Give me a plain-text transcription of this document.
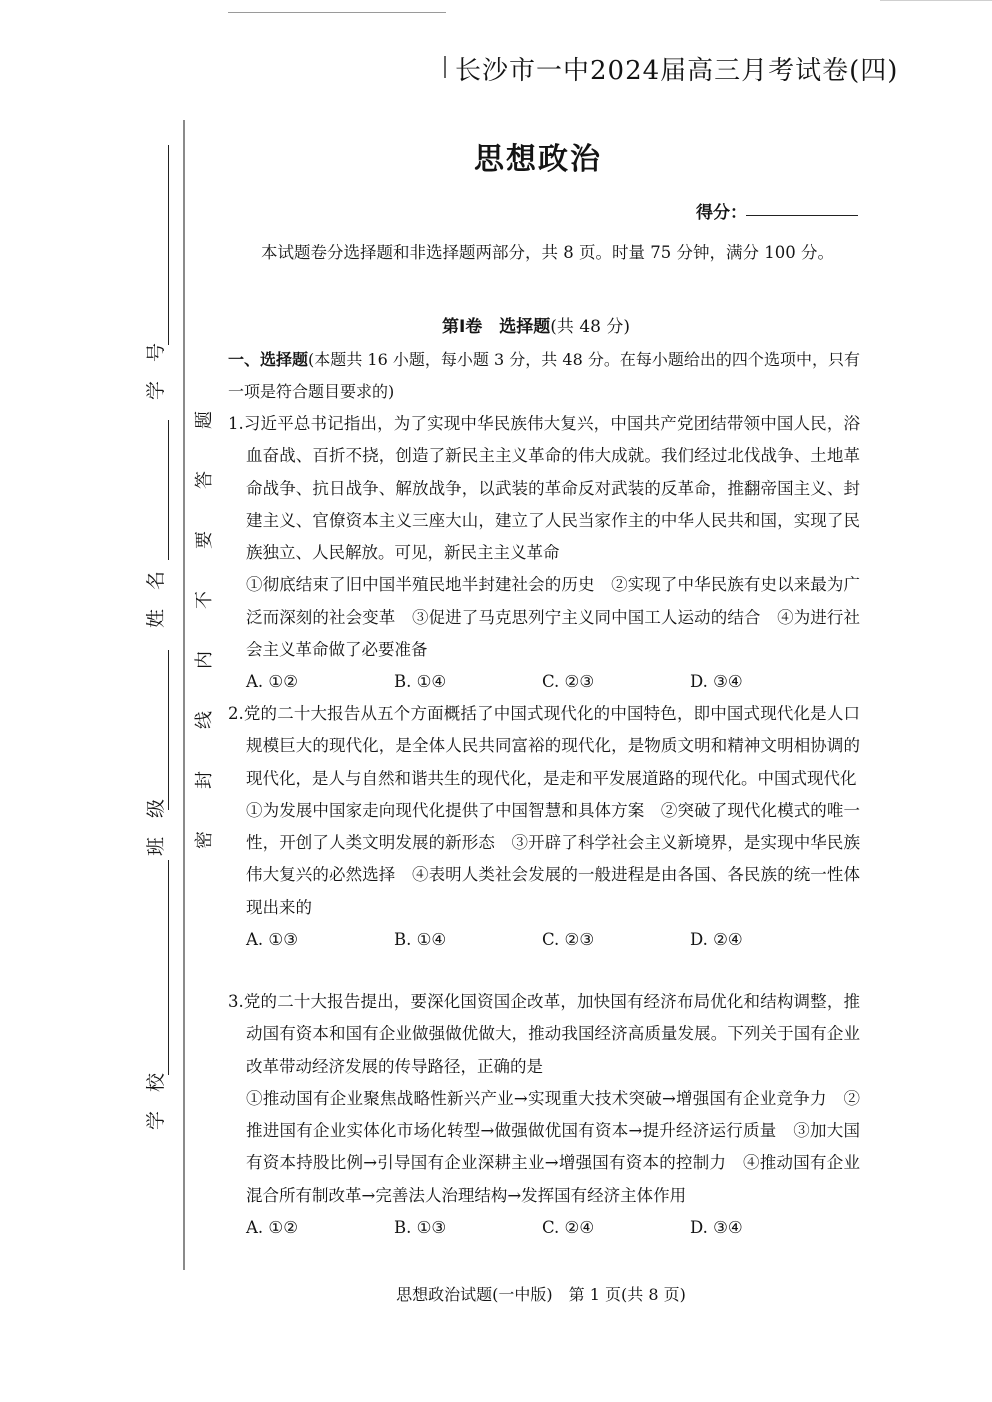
学　号
姓　名
班　级
学　校
密　封　线　内　不　要　答　题
长沙市一中2024届高三月考试卷(四)
思想政治
得分：
本试题卷分选择题和非选择题两部分，共 8 页。时量 75 分钟，满分 100 分。
第Ⅰ卷　选择题(共 48 分)
一、选择题(本题共 16 小题，每小题 3 分，共 48 分。在每小题给出的四个选项中，只有一项是符合题目要求的)
1.习近平总书记指出，为了实现中华民族伟大复兴，中国共产党团结带领中国人民，浴血奋战、百折不挠，创造了新民主主义革命的伟大成就。我们经过北伐战争、土地革命战争、抗日战争、解放战争，以武装的革命反对武装的反革命，推翻帝国主义、封建主义、官僚资本主义三座大山，建立了人民当家作主的中华人民共和国，实现了民族独立、人民解放。可见，新民主主义革命
①彻底结束了旧中国半殖民地半封建社会的历史　②实现了中华民族有史以来最为广泛而深刻的社会变革　③促进了马克思列宁主义同中国工人运动的结合　④为进行社会主义革命做了必要准备
A. ①②	B. ①④	C. ②③	D. ③④
2.党的二十大报告从五个方面概括了中国式现代化的中国特色，即中国式现代化是人口规模巨大的现代化，是全体人民共同富裕的现代化，是物质文明和精神文明相协调的现代化，是人与自然和谐共生的现代化，是走和平发展道路的现代化。中国式现代化
①为发展中国家走向现代化提供了中国智慧和具体方案　②突破了现代化模式的唯一性，开创了人类文明发展的新形态　③开辟了科学社会主义新境界，是实现中华民族伟大复兴的必然选择　④表明人类社会发展的一般进程是由各国、各民族的统一性体现出来的
A. ①③	B. ①④	C. ②③	D. ②④
3.党的二十大报告提出，要深化国资国企改革，加快国有经济布局优化和结构调整，推动国有资本和国有企业做强做优做大，推动我国经济高质量发展。下列关于国有企业改革带动经济发展的传导路径，正确的是
①推动国有企业聚焦战略性新兴产业→实现重大技术突破→增强国有企业竞争力　②推进国有企业实体化市场化转型→做强做优国有资本→提升经济运行质量　③加大国有资本持股比例→引导国有企业深耕主业→增强国有资本的控制力　④推动国有企业混合所有制改革→完善法人治理结构→发挥国有经济主体作用
A. ①②	B. ①③	C. ②④	D. ③④
思想政治试题(一中版)　第 1 页(共 8 页)
